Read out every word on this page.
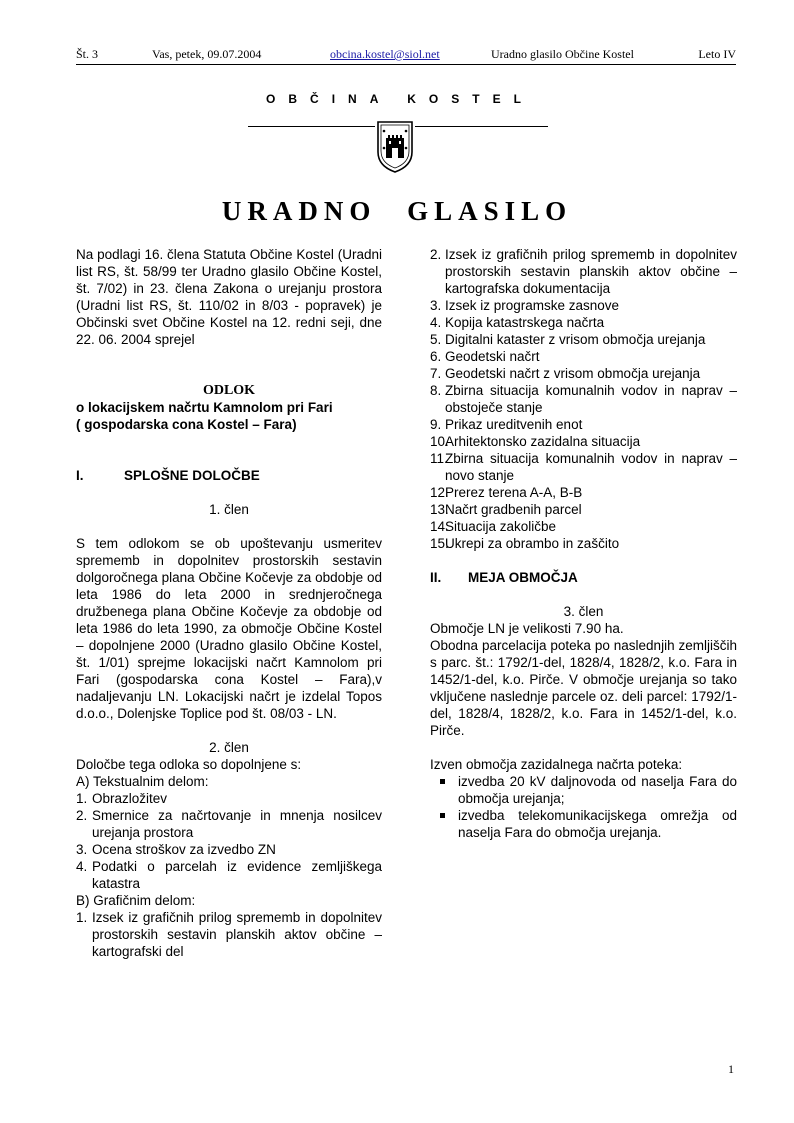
Št. 3	Vas, petek, 09.07.2004	obcina.kostel@siol.net	Uradno glasilo Občine Kostel	Leto IV
OBČINA KOSTEL
URADNO GLASILO

Na podlagi 16. člena Statuta Občine Kostel (Uradni list RS, št. 58/99 ter Uradno glasilo Občine Kostel, št. 7/02) in 23. člena Zakona o urejanju prostora (Uradni list RS, št. 110/02 in 8/03 - popravek) je Občinski svet Občine Kostel na 12. redni seji, dne 22. 06. 2004 sprejel

ODLOK
o lokacijskem načrtu Kamnolom pri Fari
( gospodarska cona Kostel – Fara)
I.	SPLOŠNE DOLOČBE
1. člen

S tem odlokom se ob upoštevanju usmeritev sprememb in dopolnitev prostorskih sestavin dolgoročnega plana Občine Kočevje za obdobje od leta 1986 do leta 2000 in srednjeročnega družbenega plana Občine Kočevje za obdobje od leta 1986 do leta 1990, za območje Občine Kostel – dopolnjene 2000 (Uradno glasilo Občine Kostel, št. 1/01) sprejme lokacijski načrt Kamnolom pri Fari (gospodarska cona Kostel – Fara),v nadaljevanju LN. Lokacijski načrt je izdelal Topos d.o.o., Dolenjske Toplice pod št. 08/03 - LN.

2. člen
Določbe tega odloka so dopolnjene s:
A) Tekstualnim delom:
1. Obrazložitev
2. Smernice za načrtovanje in mnenja nosilcev urejanja prostora
3. Ocena stroškov za izvedbo ZN
4. Podatki o parcelah iz evidence zemljiškega katastra
B) Grafičnim delom:
1. Izsek iz grafičnih prilog sprememb in dopolnitev prostorskih sestavin planskih aktov občine – kartografski del
2. Izsek iz grafičnih prilog sprememb in dopolnitev prostorskih sestavin planskih aktov občine – kartografska dokumentacija
3. Izsek iz programske zasnove
4. Kopija katastrskega načrta
5. Digitalni kataster z vrisom območja urejanja
6. Geodetski načrt
7. Geodetski načrt z vrisom območja urejanja
8. Zbirna situacija komunalnih vodov in naprav – obstoječe stanje
9. Prikaz ureditvenih enot
10.
Arhitektonsko zazidalna situacija
11.
Zbirna situacija komunalnih vodov in naprav – novo stanje
12.
Prerez terena A-A, B-B
13.
Načrt gradbenih parcel
14.
Situacija zakoličbe
15.
Ukrepi za obrambo in zaščito
II. MEJA OBMOČJA
3. člen
Območje LN je velikosti 7.90 ha.

Obodna parcelacija poteka po naslednjih zemljiščih s parc. št.: 1792/1-del, 1828/4, 1828/2, k.o. Fara in 1452/1-del, k.o. Pirče. V območje urejanja so tako vključene naslednje parcele oz. deli parcel: 1792/1-del, 1828/4, 1828/2, k.o. Fara in 1452/1-del, k.o. Pirče.

Izven območja zazidalnega načrta poteka:
izvedba 20 kV daljnovoda od naselja Fara do območja urejanja;
izvedba telekomunikacijskega omrežja od naselja Fara do območja urejanja.
1
